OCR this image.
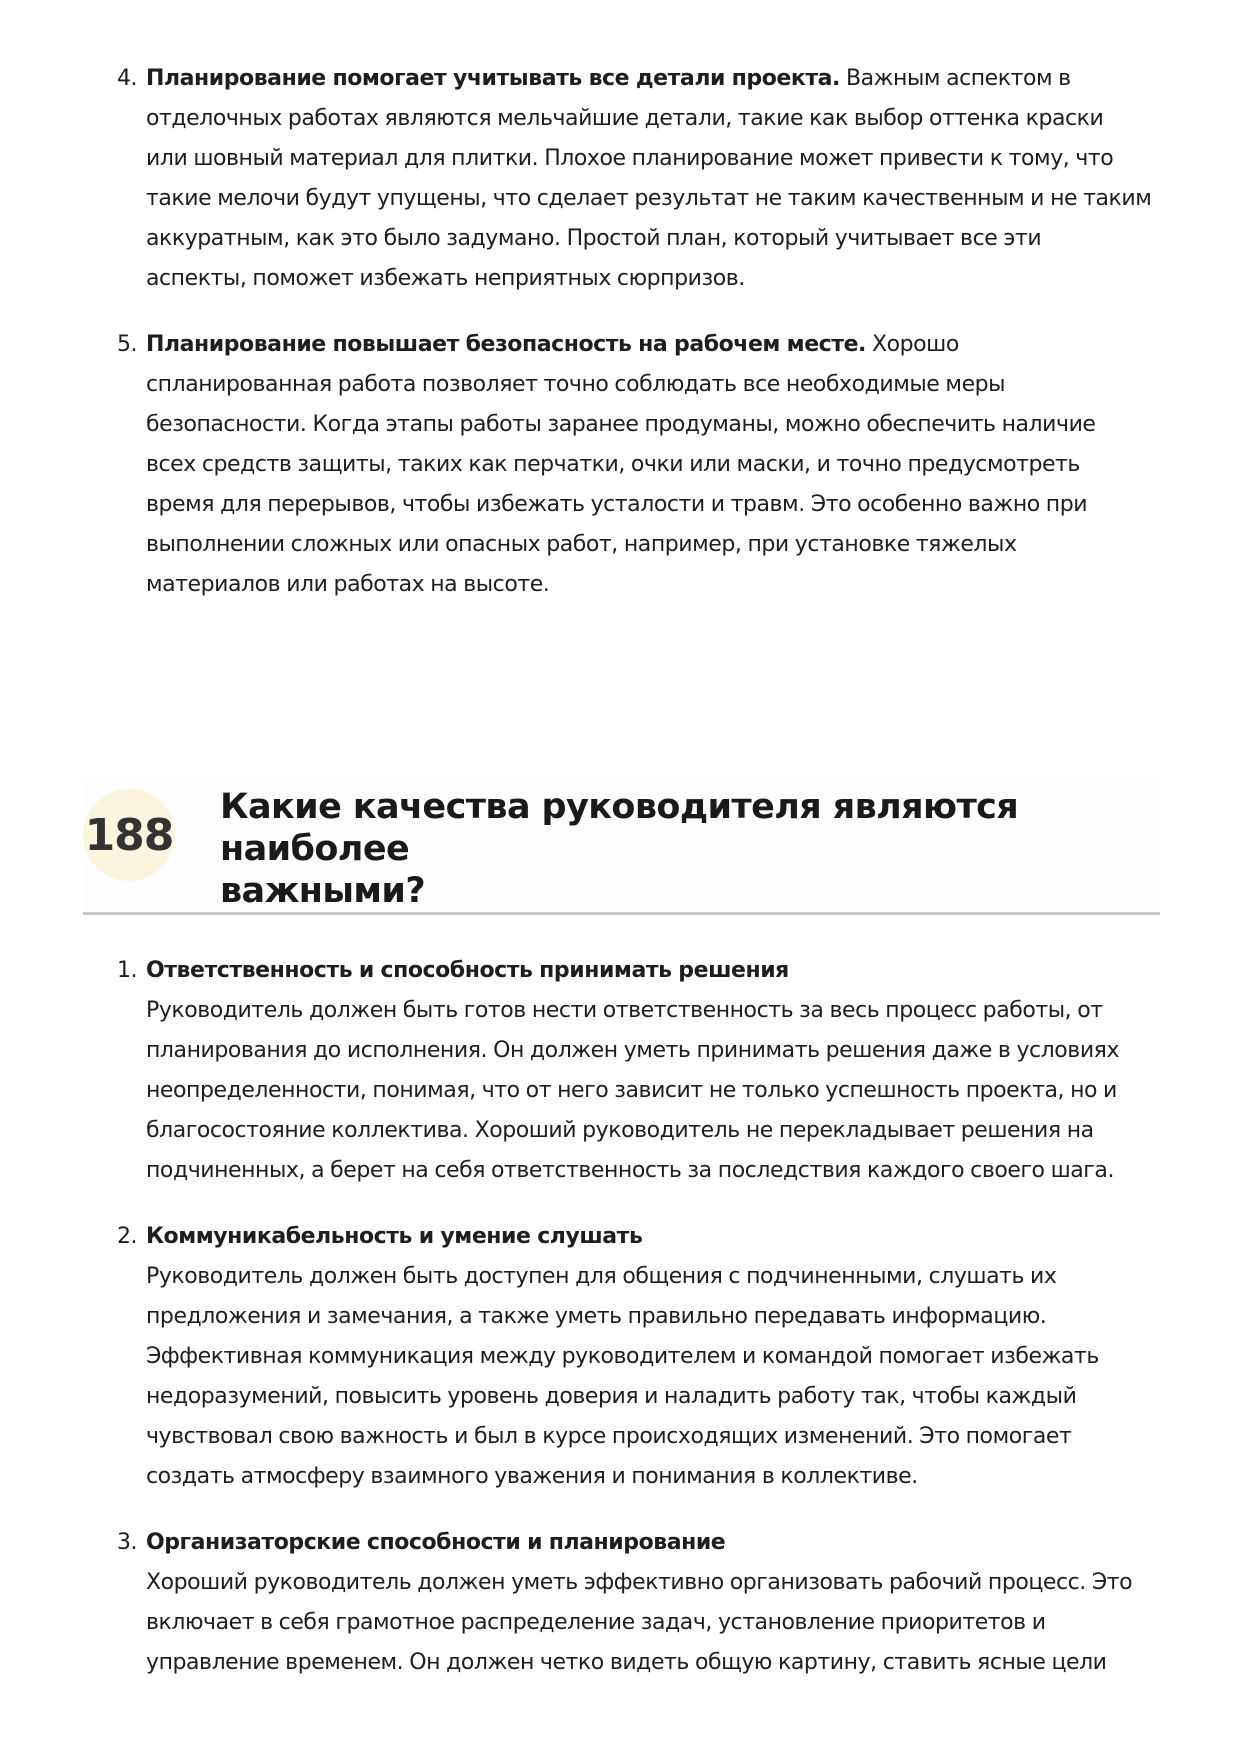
4. Планирование помогает учитывать все детали проекта. Важным аспектом в
отделочных работах являются мельчайшие детали, такие как выбор оттенка краски
или шовный материал для плитки. Плохое планирование может привести к тому, что
такие мелочи будут упущены, что сделает результат не таким качественным и не таким
аккуратным, как это было задумано. Простой план, который учитывает все эти
аспекты, поможет избежать неприятных сюрпризов.
5. Планирование повышает безопасность на рабочем месте. Хорошо
спланированная работа позволяет точно соблюдать все необходимые меры
безопасности. Когда этапы работы заранее продуманы, можно обеспечить наличие
всех средств защиты, таких как перчатки, очки или маски, и точно предусмотреть
время для перерывов, чтобы избежать усталости и травм. Это особенно важно при
выполнении сложных или опасных работ, например, при установке тяжелых
материалов или работах на высоте.
188
Какие качества руководителя являются наиболее
важными?
1. Ответственность и способность принимать решения
Руководитель должен быть готов нести ответственность за весь процесс работы, от
планирования до исполнения. Он должен уметь принимать решения даже в условиях
неопределенности, понимая, что от него зависит не только успешность проекта, но и
благосостояние коллектива. Хороший руководитель не перекладывает решения на
подчиненных, а берет на себя ответственность за последствия каждого своего шага.
2. Коммуникабельность и умение слушать
Руководитель должен быть доступен для общения с подчиненными, слушать их
предложения и замечания, а также уметь правильно передавать информацию.
Эффективная коммуникация между руководителем и командой помогает избежать
недоразумений, повысить уровень доверия и наладить работу так, чтобы каждый
чувствовал свою важность и был в курсе происходящих изменений. Это помогает
создать атмосферу взаимного уважения и понимания в коллективе.
3. Организаторские способности и планирование
Хороший руководитель должен уметь эффективно организовать рабочий процесс. Это
включает в себя грамотное распределение задач, установление приоритетов и
управление временем. Он должен четко видеть общую картину, ставить ясные цели
